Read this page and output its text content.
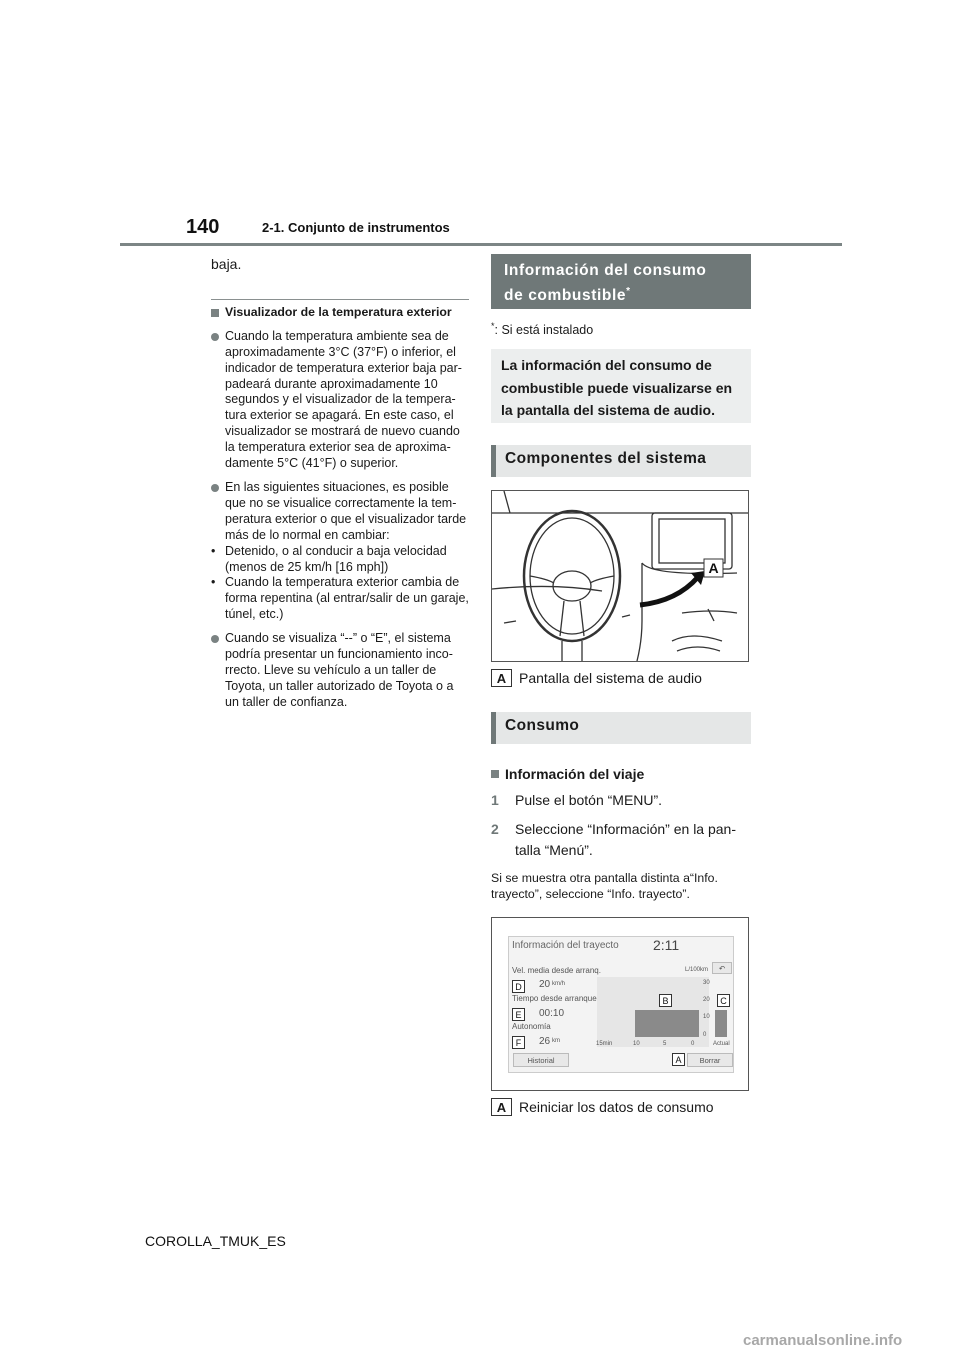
140	2-1. Conjunto de instrumentos
baja.
Visualizador de la temperatura exterior
Cuando la temperatura ambiente sea de aproximadamente 3°C (37°F) o inferior, el indicador de temperatura exterior baja par-padeará durante aproximadamente 10 segundos y el visualizador de la tempera-tura exterior se apagará. En este caso, el visualizador se mostrará de nuevo cuando la temperatura exterior sea de aproxima-damente 5°C (41°F) o superior.
En las siguientes situaciones, es posible que no se visualice correctamente la tem-peratura exterior o que el visualizador tarde más de lo normal en cambiar:
• Detenido, o al conducir a baja velocidad (menos de 25 km/h [16 mph])
• Cuando la temperatura exterior cambia de forma repentina (al entrar/salir de un garaje, túnel, etc.)
Cuando se visualiza “--” o “E”, el sistema podría presentar un funcionamiento inco-rrecto. Lleve su vehículo a un taller de Toyota, un taller autorizado de Toyota o a un taller de confianza.
Información del consumo
de combustible*
*: Si está instalado
La información del consumo de combustible puede visualizarse en la pantalla del sistema de audio.
Componentes del sistema
A
A Pantalla del sistema de audio
Consumo
Información del viaje
1	Pulse el botón “MENU”.
2	Seleccione “Información” en la pan-talla “Menú”.
Si se muestra otra pantalla distinta a“Info. trayecto”, seleccione “Info. trayecto”.
Información del trayecto 2:11
Vel. media desde arranq.
20 km/h
Tiempo desde arranque
00:10
Autonomía
26 km
L/100km ↶
30
20
10
0
15min	10	5	0	Actual
Historial	Borrar
D
E
F
B	C
A
A Reiniciar los datos de consumo
COROLLA_TMUK_ES
carmanualsonline.info
